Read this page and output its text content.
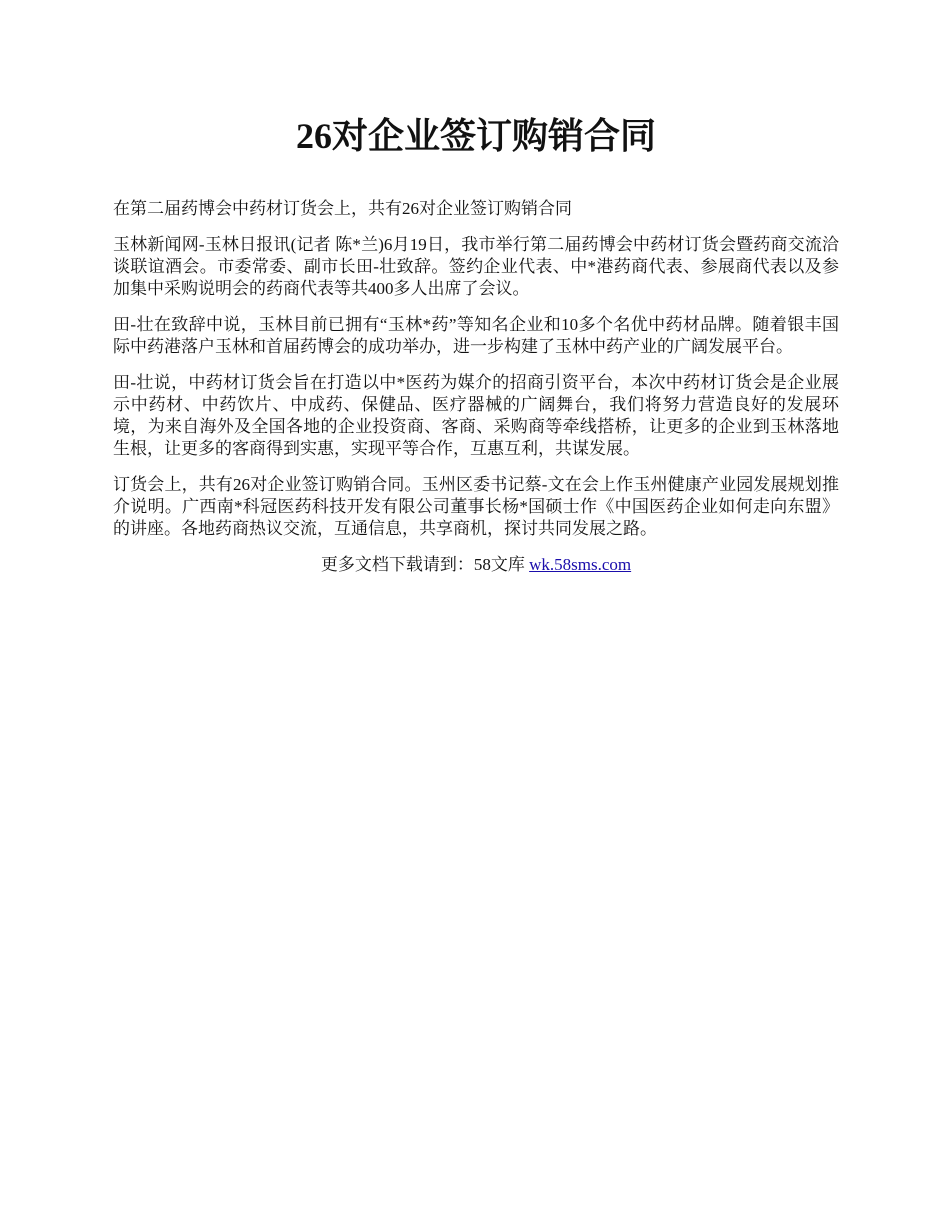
26对企业签订购销合同

在第二届药博会中药材订货会上，共有26对企业签订购销合同

玉林新闻网-玉林日报讯(记者 陈*兰)6月19日，我市举行第二届药博会中药材订货会暨药商交流洽谈联谊酒会。市委常委、副市长田-壮致辞。签约企业代表、中*港药商代表、参展商代表以及参加集中采购说明会的药商代表等共400多人出席了会议。

田-壮在致辞中说，玉林目前已拥有“玉林*药”等知名企业和10多个名优中药材品牌。随着银丰国际中药港落户玉林和首届药博会的成功举办，进一步构建了玉林中药产业的广阔发展平台。

田-壮说，中药材订货会旨在打造以中*医药为媒介的招商引资平台，本次中药材订货会是企业展示中药材、中药饮片、中成药、保健品、医疗器械的广阔舞台，我们将努力营造良好的发展环境，为来自海外及全国各地的企业投资商、客商、采购商等牵线搭桥，让更多的企业到玉林落地生根，让更多的客商得到实惠，实现平等合作，互惠互利，共谋发展。

订货会上，共有26对企业签订购销合同。玉州区委书记蔡-文在会上作玉州健康产业园发展规划推介说明。广西南*科冠医药科技开发有限公司董事长杨*国硕士作《中国医药企业如何走向东盟》的讲座。各地药商热议交流，互通信息，共享商机，探讨共同发展之路。

更多文档下载请到：58文库 wk.58sms.com
